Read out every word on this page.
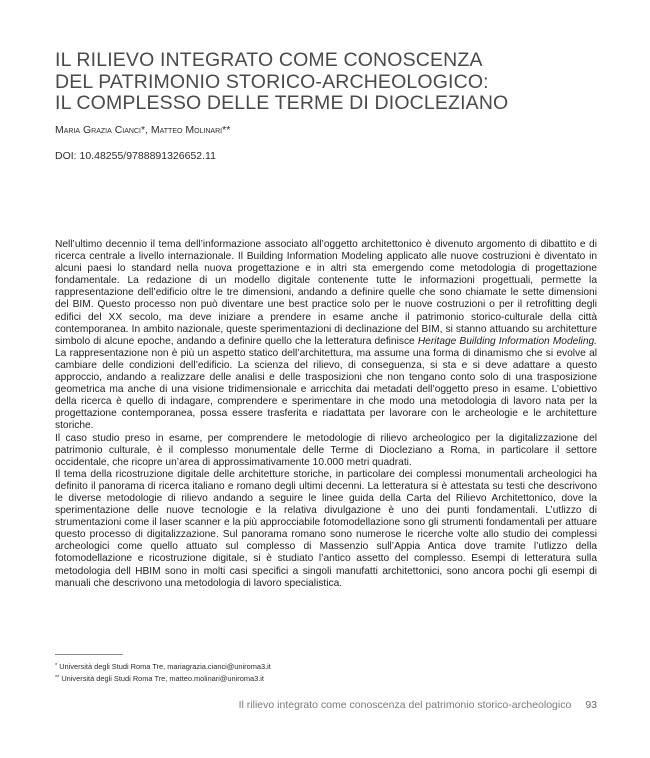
IL RILIEVO INTEGRATO COME CONOSCENZA
DEL PATRIMONIO STORICO-ARCHEOLOGICO:
IL COMPLESSO DELLE TERME DI DIOCLEZIANO
Maria Grazia Cianci*, Matteo Molinari**
DOI: 10.48255/9788891326652.11

Nell’ultimo decennio il tema dell’informazione associato all’oggetto architettonico è divenuto argomento di dibattito e di ricerca centrale a livello internazionale. Il Building Information Modeling applicato alle nuove costruzioni è diventato in alcuni paesi lo standard nella nuova progettazione e in altri sta emergendo come metodologia di progettazione fondamentale. La redazione di un modello digitale contenente tutte le informazioni progettuali, permette la rappresentazione dell’edificio oltre le tre dimensioni, andando a definire quelle che sono chiamate le sette dimensioni del BIM. Questo processo non può diventare une best practice solo per le nuove costruzioni o per il retrofitting degli edifici del XX secolo, ma deve iniziare a prendere in esame anche il patrimonio storico-culturale della città contemporanea. In ambito nazionale, queste sperimentazioni di declinazione del BIM, si stanno attuando su architetture simbolo di alcune epoche, andando a definire quello che la letteratura definisce Heritage Building Information Modeling. La rappresentazione non è più un aspetto statico dell’architettura, ma assume una forma di dinamismo che si evolve al cambiare delle condizioni dell’edificio. La scienza del rilievo, di conseguenza, si sta e si deve adattare a questo approccio, andando a realizzare delle analisi e delle trasposizioni che non tengano conto solo di una trasposizione geometrica ma anche di una visione tridimensionale e arricchita dai metadati dell’oggetto preso in esame. L’obiettivo della ricerca è quello di indagare, comprendere e sperimentare in che modo una metodologia di lavoro nata per la progettazione contemporanea, possa essere trasferita e riadattata per lavorare con le archeologie e le architetture storiche.

Il caso studio preso in esame, per comprendere le metodologie di rilievo archeologico per la digitalizzazione del patrimonio culturale, è il complesso monumentale delle Terme di Diocleziano a Roma, in particolare il settore occidentale, che ricopre un’area di approssimativamente 10.000 metri quadrati.

Il tema della ricostruzione digitale delle architetture storiche, in particolare dei complessi monumentali archeologici ha definito il panorama di ricerca italiano e romano degli ultimi decenni. La letteratura si è attestata su testi che descrivono le diverse metodologie di rilievo andando a seguire le linee guida della Carta del Rilievo Architettonico, dove la sperimentazione delle nuove tecnologie e la relativa divulgazione è uno dei punti fondamentali. L’utlizzo di strumentazioni come il laser scanner e la più approcciabile fotomodellazione sono gli strumenti fondamentali per attuare questo processo di digitalizzazione. Sul panorama romano sono numerose le ricerche volte allo studio dei complessi archeologici come quello attuato sul complesso di Massenzio sull’Appia Antica dove tramite l’utlizzo della fotomodellazione e ricostruzione digitale, si è studiato l’antico assetto del complesso. Esempi di letteratura sulla metodologia dell HBIM sono in molti casi specifici a singoli manufatti architettonici, sono ancora pochi gli esempi di manuali che descrivono una metodologia di lavoro specialistica.

* Università degli Studi Roma Tre, mariagrazia.cianci@uniroma3.it
** Università degli Studi Roma Tre, matteo.molinari@uniroma3.it
Il rilievo integrato come conoscenza del patrimonio storico-archeologico 93
